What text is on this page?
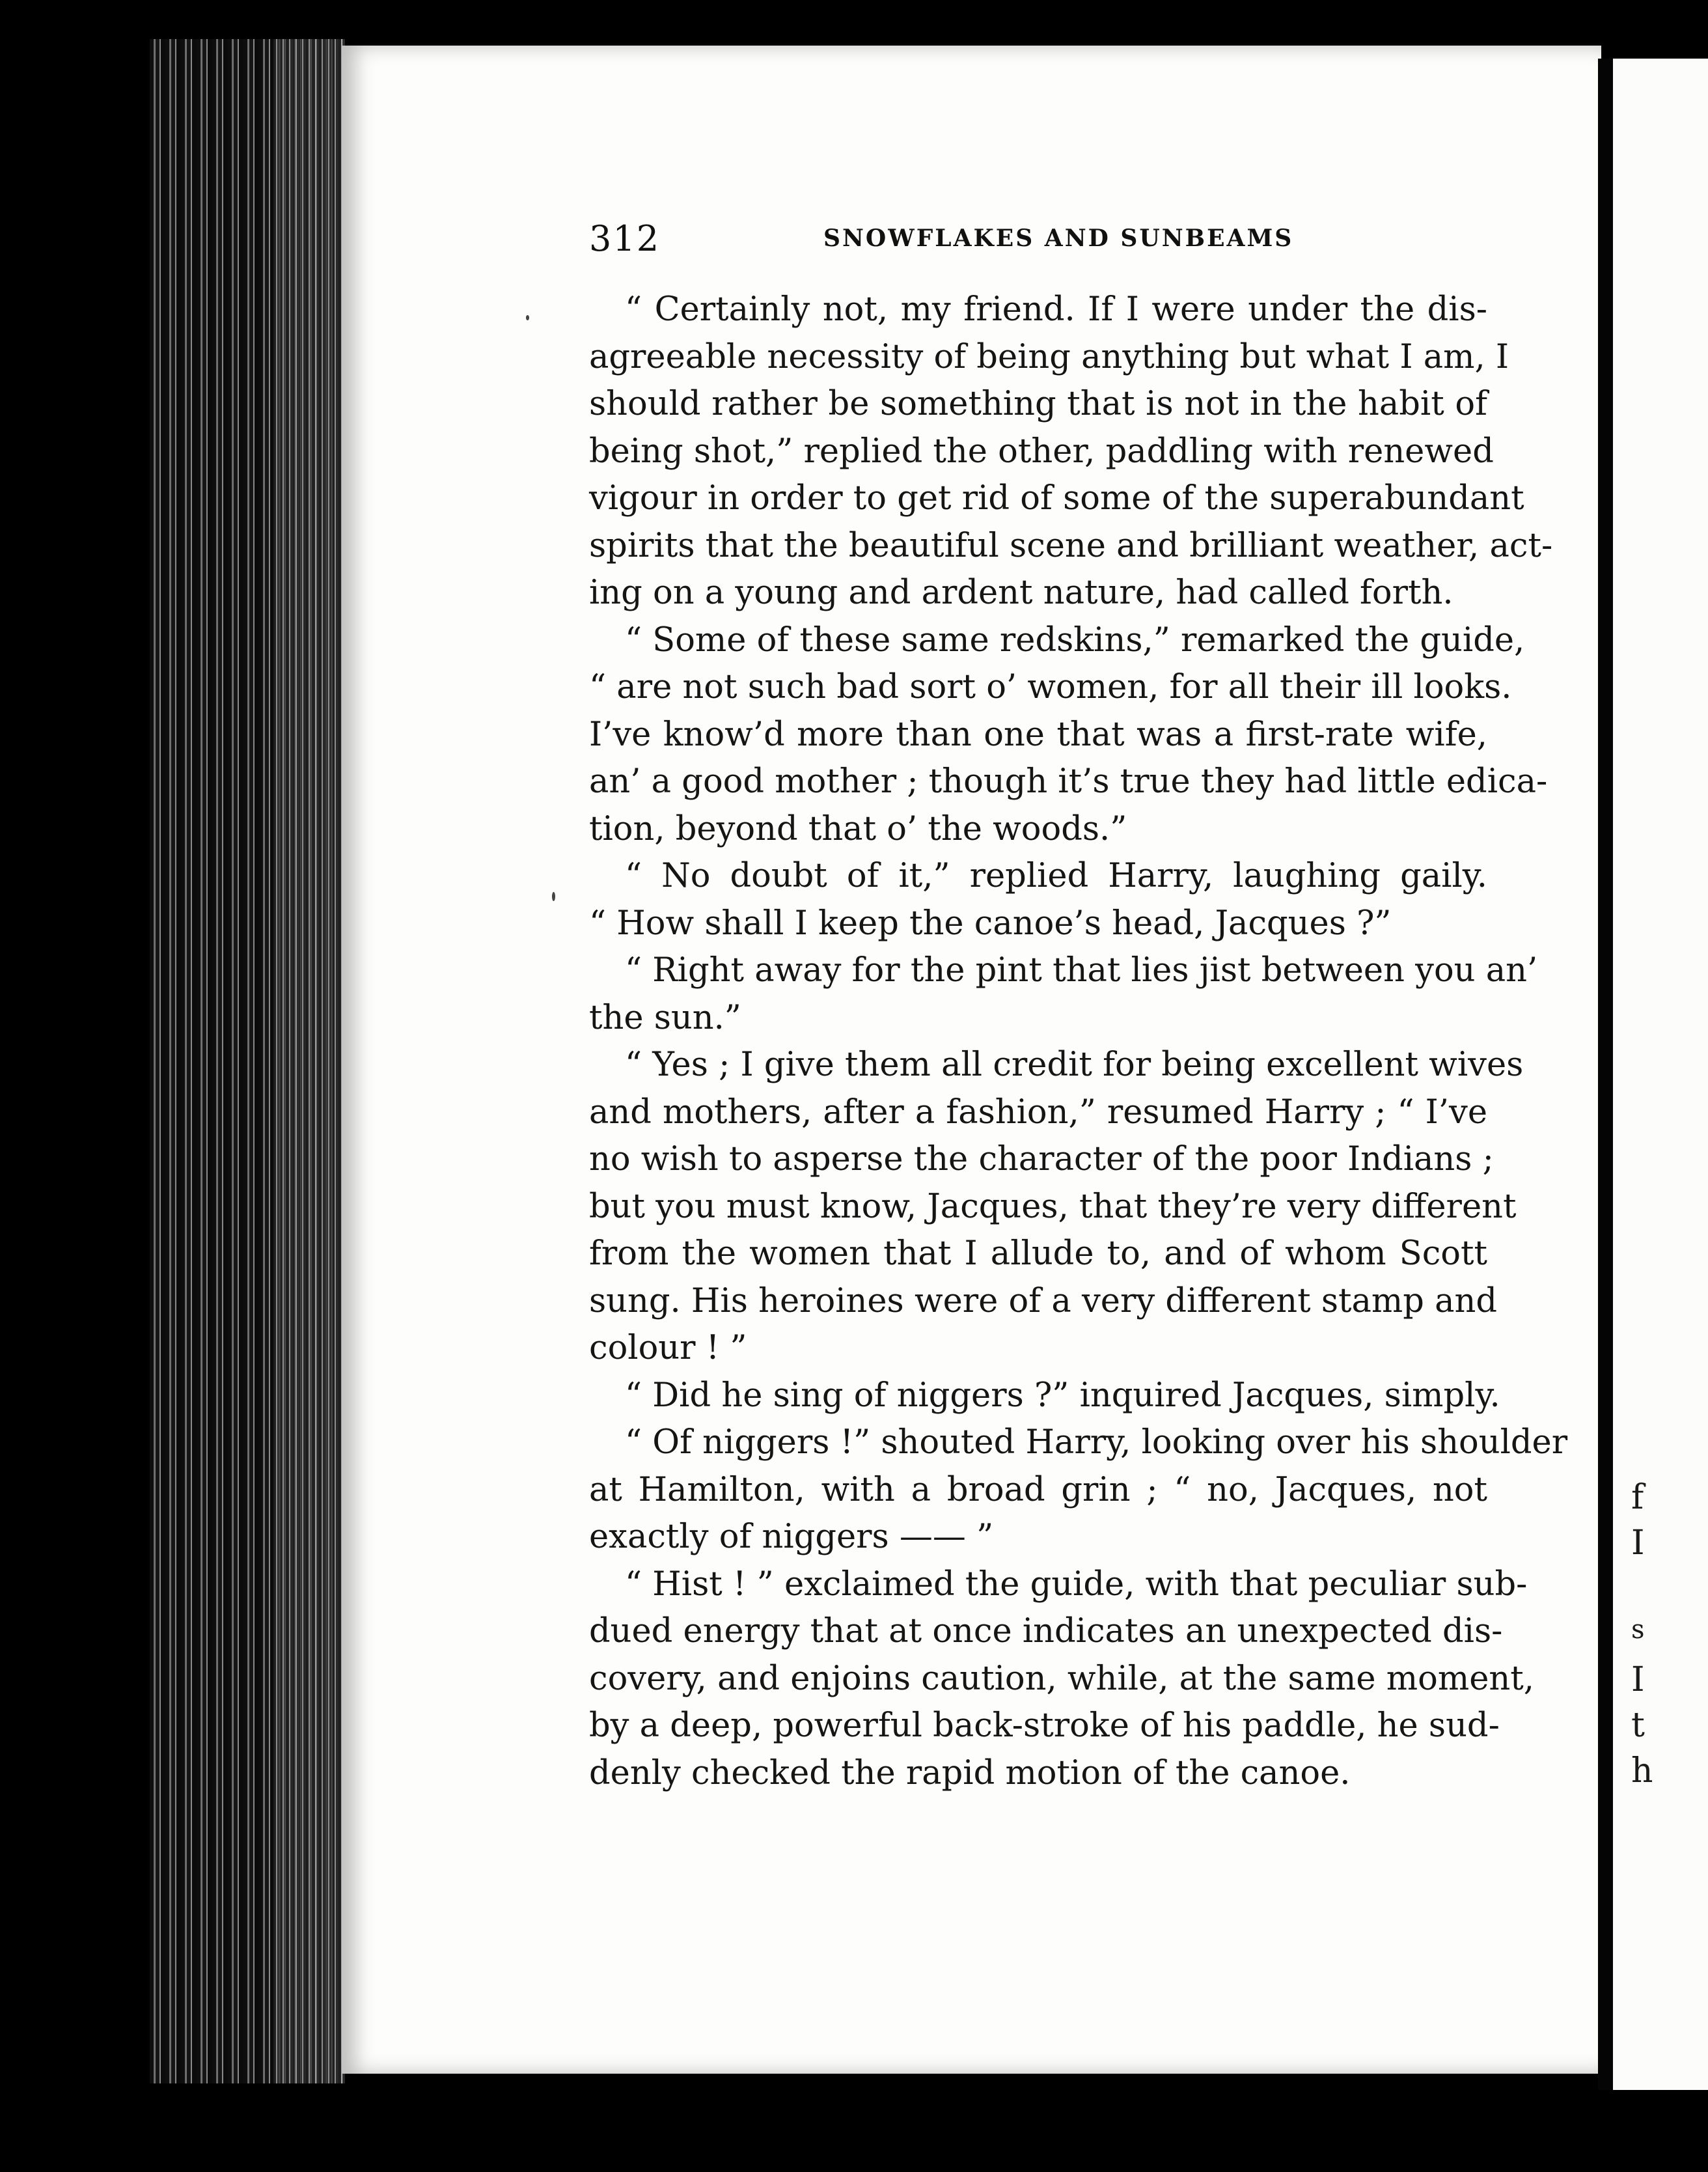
f
I
s
I
t
h
312	SNOWFLAKES AND SUNBEAMS
“ Certainly not, my friend. If I were under the dis-
agreeable necessity of being anything but what I am, I
should rather be something that is not in the habit of
being shot,” replied the other, paddling with renewed
vigour in order to get rid of some of the superabundant
spirits that the beautiful scene and brilliant weather, act-
ing on a young and ardent nature, had called forth.
“ Some of these same redskins,” remarked the guide,
“ are not such bad sort o’ women, for all their ill looks.
I’ve know’d more than one that was a first-rate wife,
an’ a good mother ; though it’s true they had little edica-
tion, beyond that o’ the woods.”
“ No doubt of it,” replied Harry, laughing gaily.
“ How shall I keep the canoe’s head, Jacques ?”
“ Right away for the pint that lies jist between you an’
the sun.”
“ Yes ; I give them all credit for being excellent wives
and mothers, after a fashion,” resumed Harry ; “ I’ve
no wish to asperse the character of the poor Indians ;
but you must know, Jacques, that they’re very different
from the women that I allude to, and of whom Scott
sung. His heroines were of a very different stamp and
colour ! ”
“ Did he sing of niggers ?” inquired Jacques, simply.
“ Of niggers !” shouted Harry, looking over his shoulder
at Hamilton, with a broad grin ; “ no, Jacques, not
exactly of niggers —— ”
“ Hist ! ” exclaimed the guide, with that peculiar sub-
dued energy that at once indicates an unexpected dis-
covery, and enjoins caution, while, at the same moment,
by a deep, powerful back-stroke of his paddle, he sud-
denly checked the rapid motion of the canoe.
